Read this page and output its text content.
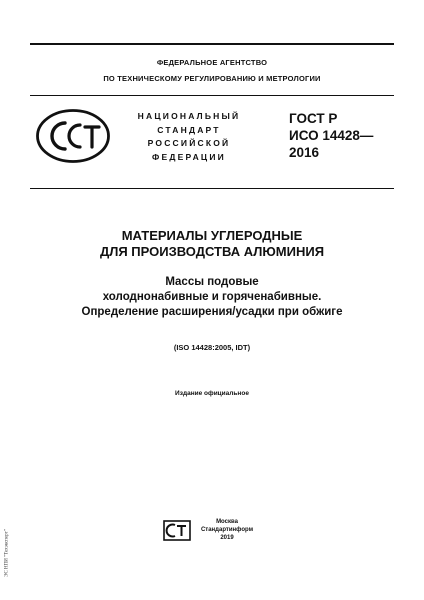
ФЕДЕРАЛЬНОЕ АГЕНТСТВО
ПО ТЕХНИЧЕСКОМУ РЕГУЛИРОВАНИЮ И МЕТРОЛОГИИ
НАЦИОНАЛЬНЫЙ
СТАНДАРТ
РОССИЙСКОЙ
ФЕДЕРАЦИИ
ГОСТ Р
ИСО 14428—
2016
МАТЕРИАЛЫ УГЛЕРОДНЫЕ
ДЛЯ ПРОИЗВОДСТВА АЛЮМИНИЯ
Массы подовые
холоднонабивные и горяченабивные.
Определение расширения/усадки при обжиге
(ISO 14428:2005, IDT)
Издание официальное
Москва
Стандартинформ
2019
ЭС НПИ "Техэксперт"
